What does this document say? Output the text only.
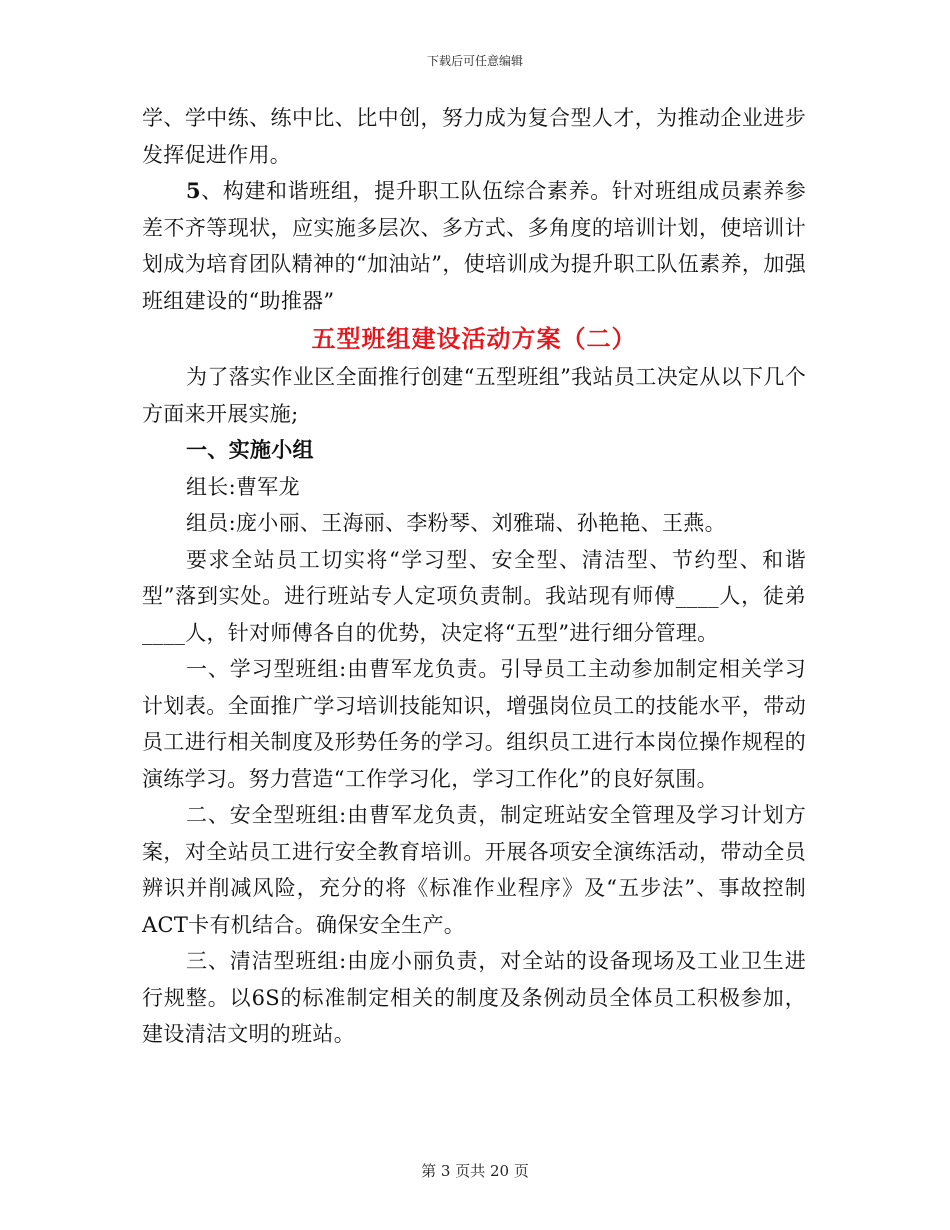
下载后可任意编辑

学、学中练、练中比、比中创，努力成为复合型人才，为推动企业进步发挥促进作用。

5、构建和谐班组，提升职工队伍综合素养。针对班组成员素养参差不齐等现状，应实施多层次、多方式、多角度的培训计划，使培训计划成为培育团队精神的“加油站”，使培训成为提升职工队伍素养，加强班组建设的“助推器”

五型班组建设活动方案（二）

为了落实作业区全面推行创建“五型班组”我站员工决定从以下几个方面来开展实施;

一、实施小组

组长:曹军龙

组员:庞小丽、王海丽、李粉琴、刘雅瑞、孙艳艳、王燕。

要求全站员工切实将“学习型、安全型、清洁型、节约型、和谐型”落到实处。进行班站专人定项负责制。我站现有师傅____人，徒弟____人，针对师傅各自的优势，决定将“五型”进行细分管理。

一、学习型班组:由曹军龙负责。引导员工主动参加制定相关学习计划表。全面推广学习培训技能知识，增强岗位员工的技能水平，带动员工进行相关制度及形势任务的学习。组织员工进行本岗位操作规程的演练学习。努力营造“工作学习化，学习工作化”的良好氛围。

二、安全型班组:由曹军龙负责，制定班站安全管理及学习计划方案，对全站员工进行安全教育培训。开展各项安全演练活动，带动全员辨识并削减风险，充分的将《标准作业程序》及“五步法”、事故控制ACT卡有机结合。确保安全生产。

三、清洁型班组:由庞小丽负责，对全站的设备现场及工业卫生进行规整。以6S的标准制定相关的制度及条例动员全体员工积极参加，建设清洁文明的班站。

第 3 页共 20 页
